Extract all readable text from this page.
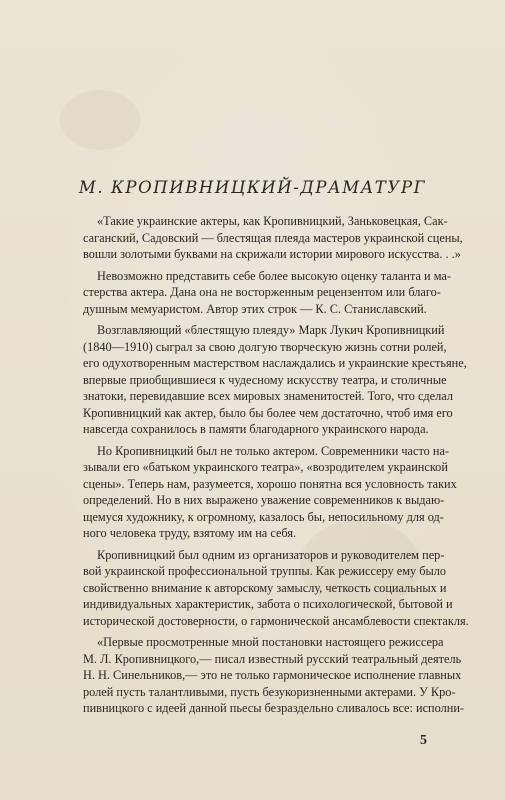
М. КРОПИВНИЦКИЙ-ДРАМАТУРГ
«Такие украинские актеры, как Кропивницкий, Заньковецкая, Сак-
саганский, Садовский — блестящая плеяда мастеров украинской сцены,
вошли золотыми буквами на скрижали истории мирового искусства. . .»
Невозможно представить себе более высокую оценку таланта и ма-
стерства актера. Дана она не восторженным рецензентом или благо-
душным мемуаристом. Автор этих строк — К. С. Станиславский.
Возглавляющий «блестящую плеяду» Марк Лукич Кропивницкий
(1840—1910) сыграл за свою долгую творческую жизнь сотни ролей,
его одухотворенным мастерством наслаждались и украинские крестьяне,
впервые приобщившиеся к чудесному искусству театра, и столичные
знатоки, перевидавшие всех мировых знаменитостей. Того, что сделал
Кропивницкий как актер, было бы более чем достаточно, чтоб имя его
навсегда сохранилось в памяти благодарного украинского народа.
Но Кропивницкий был не только актером. Современники часто на-
зывали его «батьком украинского театра», «возродителем украинской
сцены». Теперь нам, разумеется, хорошо понятна вся условность таких
определений. Но в них выражено уважение современников к выдаю-
щемуся художнику, к огромному, казалось бы, непосильному для од-
ного человека труду, взятому им на себя.
Кропивницкий был одним из организаторов и руководителем пер-
вой украинской профессиональной труппы. Как режиссеру ему было
свойственно внимание к авторскому замыслу, четкость социальных и
индивидуальных характеристик, забота о психологической, бытовой и
исторической достоверности, о гармонической ансамблевости спектакля.
«Первые просмотренные мной постановки настоящего режиссера
М. Л. Кропивницкого,— писал известный русский театральный деятель
Н. Н. Синельников,— это не только гармоническое исполнение главных
ролей пусть талантливыми, пусть безукоризненными актерами. У Кро-
пивницкого с идеей данной пьесы безраздельно сливалось все: исполни-
5
